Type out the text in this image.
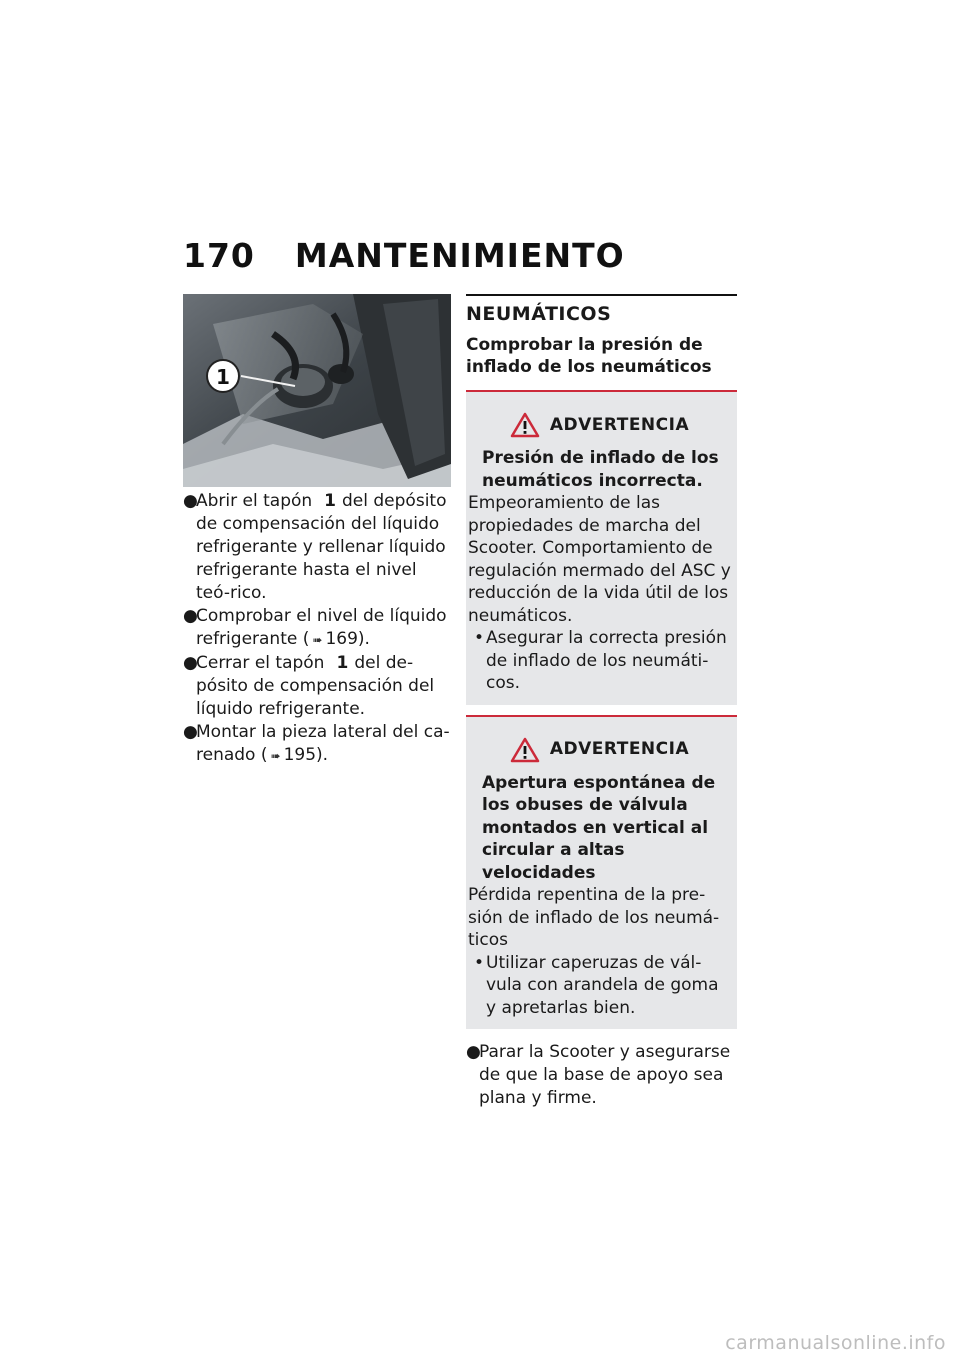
170 MANTENIMIENTO
1

●
Abrir el tapón 1 del depósito de compensación del líquido refrigerante y rellenar líquido refrigerante hasta el nivel teó-rico.

●
Comprobar el nivel de líquido refrigerante ( ➠ 169).

●
Cerrar el tapón 1 del de-pósito de compensación del líquido refrigerante.

●
Montar la pieza lateral del ca-renado ( ➠ 195).

NEUMÁTICOS

Comprobar la presión de inflado de los neumáticos

ADVERTENCIA

Presión de inflado de los neumáticos incorrecta.

Empeoramiento de las propiedades de marcha del Scooter. Comportamiento de regulación mermado del ASC y reducción de la vida útil de los neumáticos.

• Asegurar la correcta presión de inflado de los neumáti-cos.

ADVERTENCIA

Apertura espontánea de los obuses de válvula montados en vertical al circular a altas velocidades

Pérdida repentina de la pre-sión de inflado de los neumá-ticos

• Utilizar caperuzas de vál-vula con arandela de goma y apretarlas bien.

●
Parar la Scooter y asegurarse de que la base de apoyo sea plana y firme.

carmanualsonline.info
